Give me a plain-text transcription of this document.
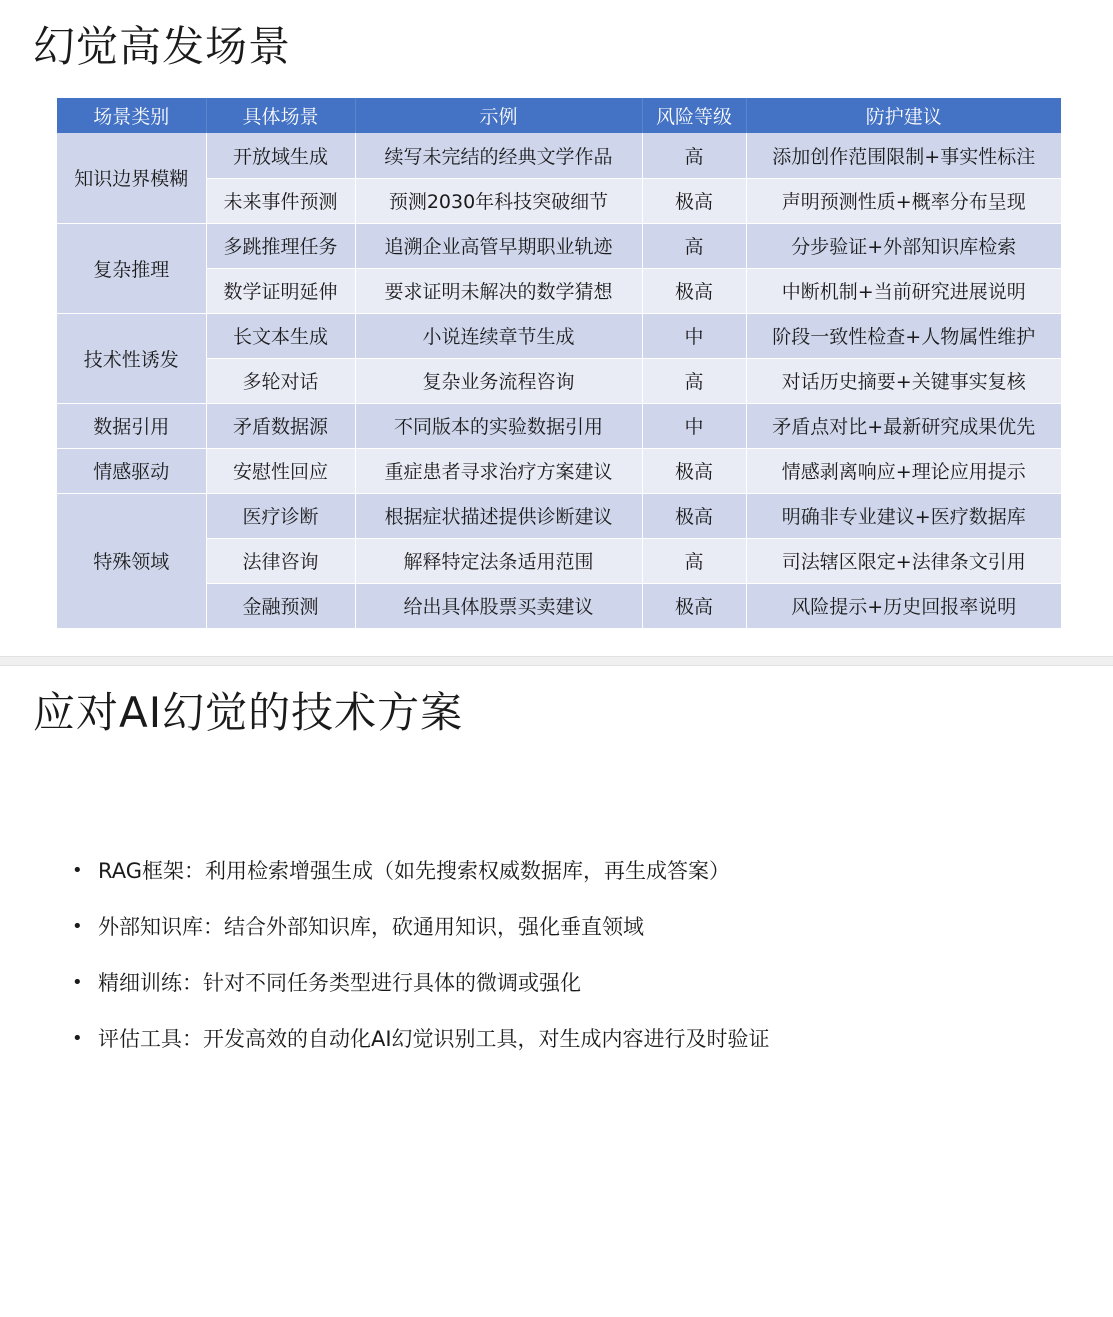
幻觉高发场景
场景类别	具体场景	示例	风险等级	防护建议
知识边界模糊	开放域生成	续写未完结的经典文学作品	高	添加创作范围限制+事实性标注
	未来事件预测	预测2030年科技突破细节	极高	声明预测性质+概率分布呈现
复杂推理	多跳推理任务	追溯企业高管早期职业轨迹	高	分步验证+外部知识库检索
	数学证明延伸	要求证明未解决的数学猜想	极高	中断机制+当前研究进展说明
技术性诱发	长文本生成	小说连续章节生成	中	阶段一致性检查+人物属性维护
	多轮对话	复杂业务流程咨询	高	对话历史摘要+关键事实复核
数据引用	矛盾数据源	不同版本的实验数据引用	中	矛盾点对比+最新研究成果优先
情感驱动	安慰性回应	重症患者寻求治疗方案建议	极高	情感剥离响应+理论应用提示
特殊领域	医疗诊断	根据症状描述提供诊断建议	极高	明确非专业建议+医疗数据库
	法律咨询	解释特定法条适用范围	高	司法辖区限定+法律条文引用
	金融预测	给出具体股票买卖建议	极高	风险提示+历史回报率说明
应对AI幻觉的技术方案
• RAG框架：利用检索增强生成（如先搜索权威数据库，再生成答案）
• 外部知识库：结合外部知识库，砍通用知识，强化垂直领域
• 精细训练：针对不同任务类型进行具体的微调或强化
• 评估工具：开发高效的自动化AI幻觉识别工具，对生成内容进行及时验证
